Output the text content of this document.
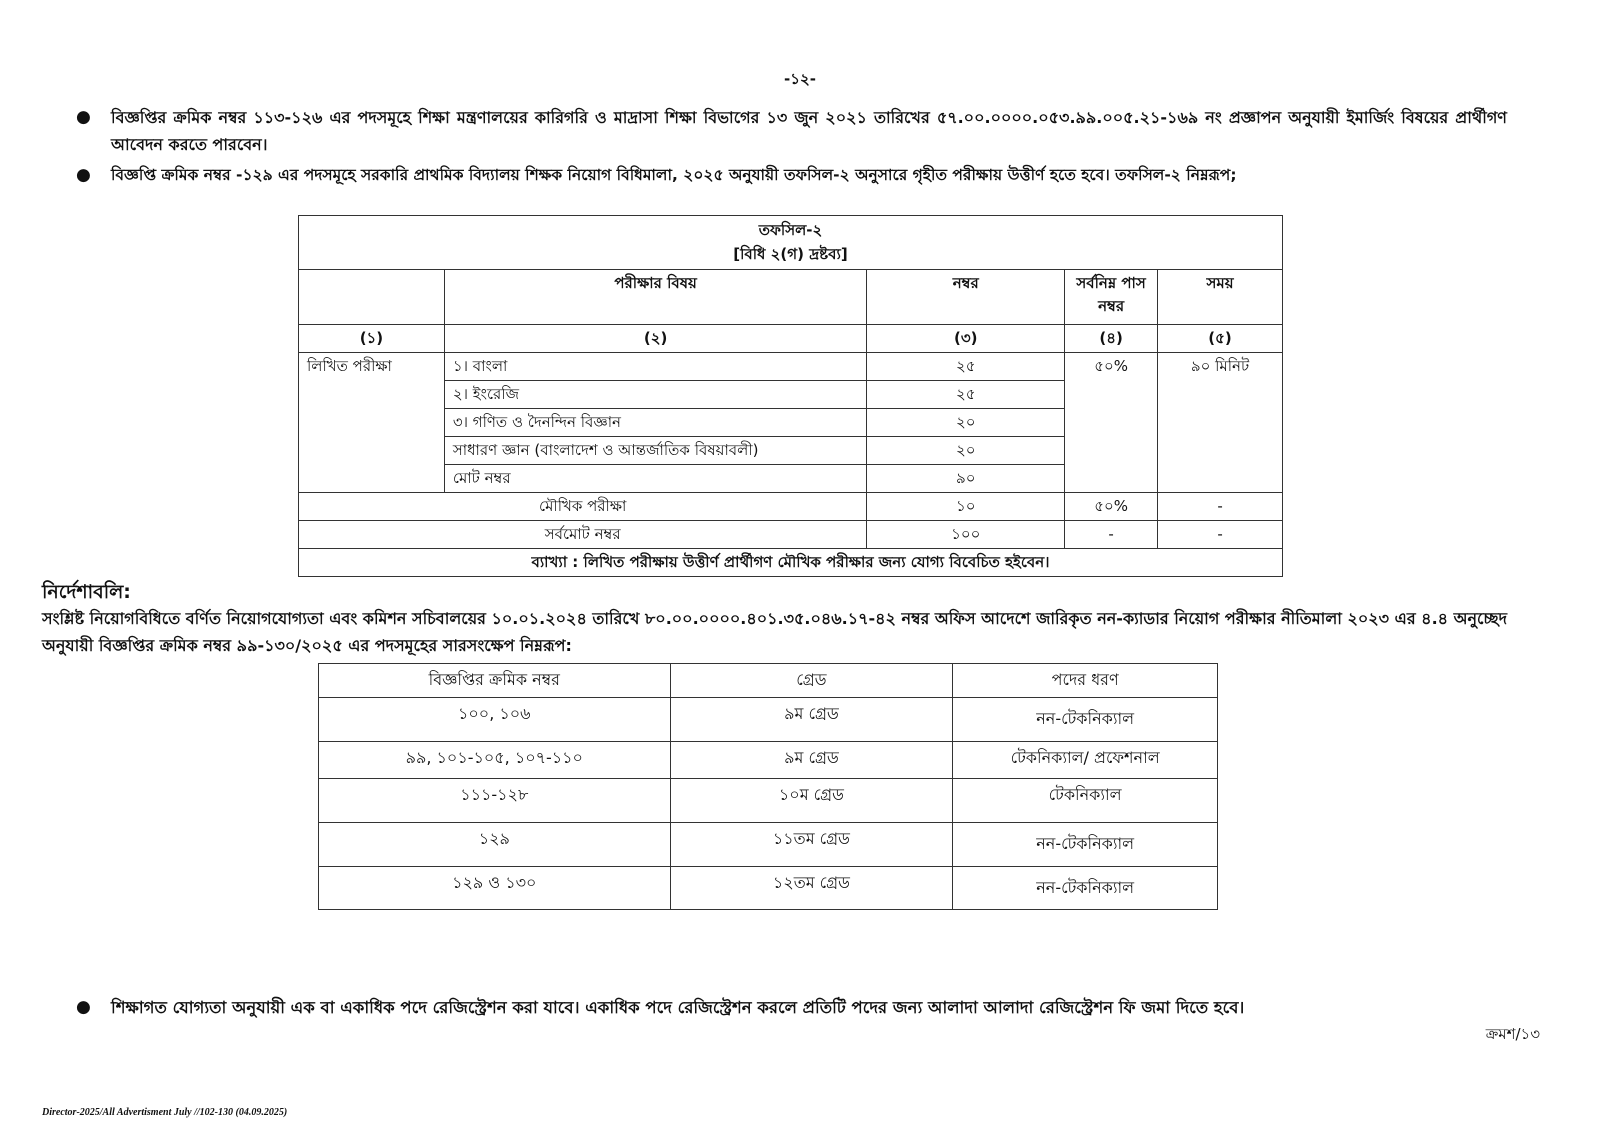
-১২-
● বিজ্ঞপ্তির ক্রমিক নম্বর ১১৩-১২৬ এর পদসমূহে শিক্ষা মন্ত্রণালয়ের কারিগরি ও মাদ্রাসা শিক্ষা বিভাগের ১৩ জুন ২০২১ তারিখের ৫৭.০০.০০০০.০৫৩.৯৯.০০৫.২১-১৬৯ নং প্রজ্ঞাপন অনুযায়ী ইমার্জিং বিষয়ের প্রার্থীগণ আবেদন করতে পারবেন।

● বিজ্ঞপ্তি ক্রমিক নম্বর -১২৯ এর পদসমূহে সরকারি প্রাথমিক বিদ্যালয় শিক্ষক নিয়োগ বিধিমালা, ২০২৫ অনুযায়ী তফসিল-২ অনুসারে গৃহীত পরীক্ষায় উত্তীর্ণ হতে হবে। তফসিল-২ নিম্নরূপ;

তফসিল-২
[বিধি ২(গ) দ্রষ্টব্য]				

	পরীক্ষার বিষয়	নম্বর	সর্বনিম্ন পাস নম্বর	সময়
(১)	(২)	(৩)	(৪)	(৫)
লিখিত পরীক্ষা	১। বাংলা	২৫	৫০%	৯০ মিনিট
	২। ইংরেজি	২৫		
	৩। গণিত ও দৈনন্দিন বিজ্ঞান	২০		
	সাধারণ জ্ঞান (বাংলাদেশ ও আন্তর্জাতিক বিষয়াবলী)	২০		
	মোট নম্বর	৯০		
মৌখিক পরীক্ষা		১০	৫০%	-
সর্বমোট নম্বর		১০০	-	-
ব্যাখ্যা : লিখিত পরীক্ষায় উত্তীর্ণ প্রার্থীগণ মৌখিক পরীক্ষার জন্য যোগ্য বিবেচিত হইবেন।				
নির্দেশাবলি:

সংশ্লিষ্ট নিয়োগবিধিতে বর্ণিত নিয়োগযোগ্যতা এবং কমিশন সচিবালয়ের ১০.০১.২০২৪ তারিখে ৮০.০০.০০০০.৪০১.৩৫.০৪৬.১৭-৪২ নম্বর অফিস আদেশে জারিকৃত নন-ক্যাডার নিয়োগ পরীক্ষার নীতিমালা ২০২৩ এর ৪.৪ অনুচ্ছেদ অনুযায়ী বিজ্ঞপ্তির ক্রমিক নম্বর ৯৯-১৩০/২০২৫ এর পদসমূহের সারসংক্ষেপ নিম্নরূপ:

বিজ্ঞপ্তির ক্রমিক নম্বর	গ্রেড	পদের ধরণ
১০০, ১০৬	৯ম গ্রেড	নন-টেকনিক্যাল
৯৯, ১০১-১০৫, ১০৭-১১০	৯ম গ্রেড	টেকনিক্যাল/ প্রফেশনাল
১১১-১২৮	১০ম গ্রেড	টেকনিক্যাল
১২৯	১১তম গ্রেড	নন-টেকনিক্যাল
১২৯ ও ১৩০	১২তম গ্রেড	নন-টেকনিক্যাল
● শিক্ষাগত যোগ্যতা অনুযায়ী এক বা একাধিক পদে রেজিস্ট্রেশন করা যাবে। একাধিক পদে রেজিস্ট্রেশন করলে প্রতিটি পদের জন্য আলাদা আলাদা রেজিস্ট্রেশন ফি জমা দিতে হবে।

ক্রমশ/১৩
Director-2025/All Advertisment July //102-130 (04.09.2025)
